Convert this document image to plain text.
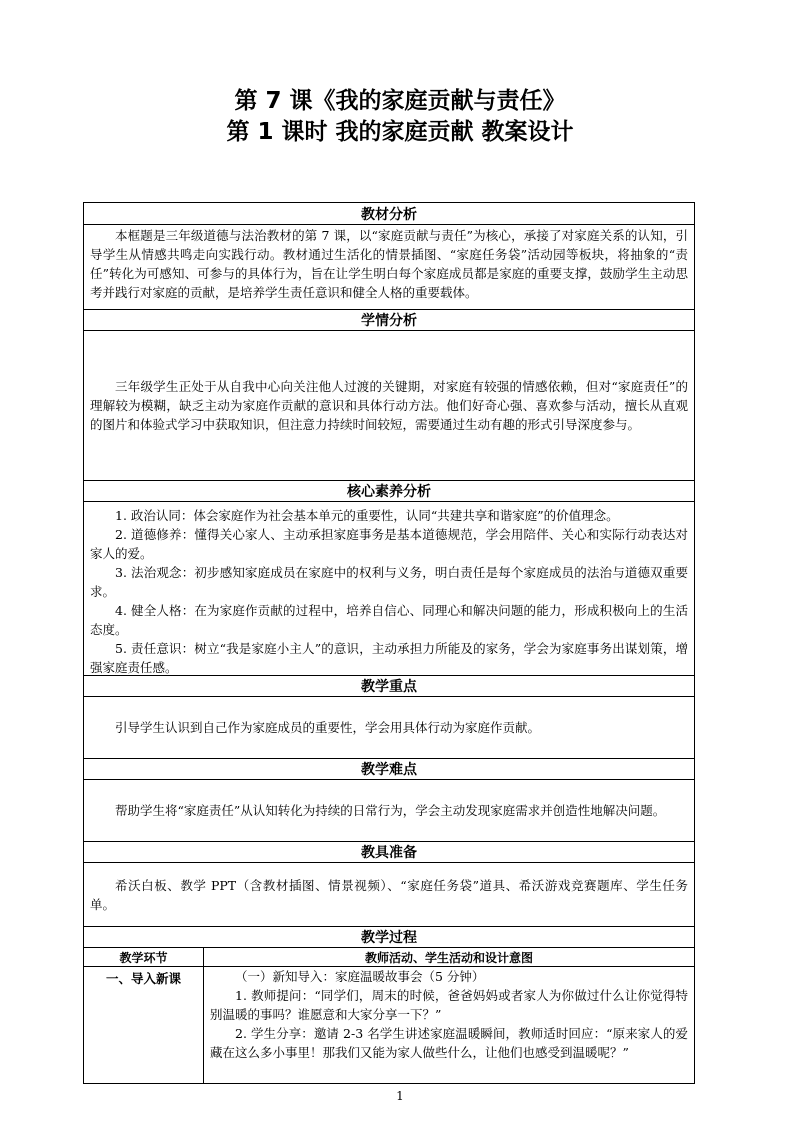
第 7 课《我的家庭贡献与责任》
第 1 课时 我的家庭贡献 教案设计
教材分析

本框题是三年级道德与法治教材的第 7 课，以“家庭贡献与责任”为核心，承接了对家庭关系的认知，引导学生从情感共鸣走向实践行动。教材通过生活化的情景插图、“家庭任务袋”活动园等板块，将抽象的“责任”转化为可感知、可参与的具体行为，旨在让学生明白每个家庭成员都是家庭的重要支撑，鼓励学生主动思考并践行对家庭的贡献，是培养学生责任意识和健全人格的重要载体。

学情分析

三年级学生正处于从自我中心向关注他人过渡的关键期，对家庭有较强的情感依赖，但对“家庭责任”的理解较为模糊，缺乏主动为家庭作贡献的意识和具体行动方法。他们好奇心强、喜欢参与活动，擅长从直观的图片和体验式学习中获取知识，但注意力持续时间较短，需要通过生动有趣的形式引导深度参与。

核心素养分析

1. 政治认同：体会家庭作为社会基本单元的重要性，认同“共建共享和谐家庭”的价值理念。

2. 道德修养：懂得关心家人、主动承担家庭事务是基本道德规范，学会用陪伴、关心和实际行动表达对家人的爱。

3. 法治观念：初步感知家庭成员在家庭中的权利与义务，明白责任是每个家庭成员的法治与道德双重要求。

4. 健全人格：在为家庭作贡献的过程中，培养自信心、同理心和解决问题的能力，形成积极向上的生活态度。

5. 责任意识：树立“我是家庭小主人”的意识，主动承担力所能及的家务，学会为家庭事务出谋划策，增强家庭责任感。

教学重点

引导学生认识到自己作为家庭成员的重要性，学会用具体行动为家庭作贡献。

教学难点

帮助学生将“家庭责任”从认知转化为持续的日常行为，学会主动发现家庭需求并创造性地解决问题。

教具准备

希沃白板、教学 PPT（含教材插图、情景视频）、“家庭任务袋”道具、希沃游戏竞赛题库、学生任务单。

教学过程
教学环节	教师活动、学生活动和设计意图
一、导入新课	（一）新知导入：家庭温暖故事会（5 分钟）

1. 教师提问：“同学们，周末的时候，爸爸妈妈或者家人为你做过什么让你觉得特别温暖的事吗？谁愿意和大家分享一下？”

2. 学生分享：邀请 2-3 名学生讲述家庭温暖瞬间，教师适时回应：“原来家人的爱藏在这么多小事里！那我们又能为家人做些什么，让他们也感受到温暖呢？”

1
